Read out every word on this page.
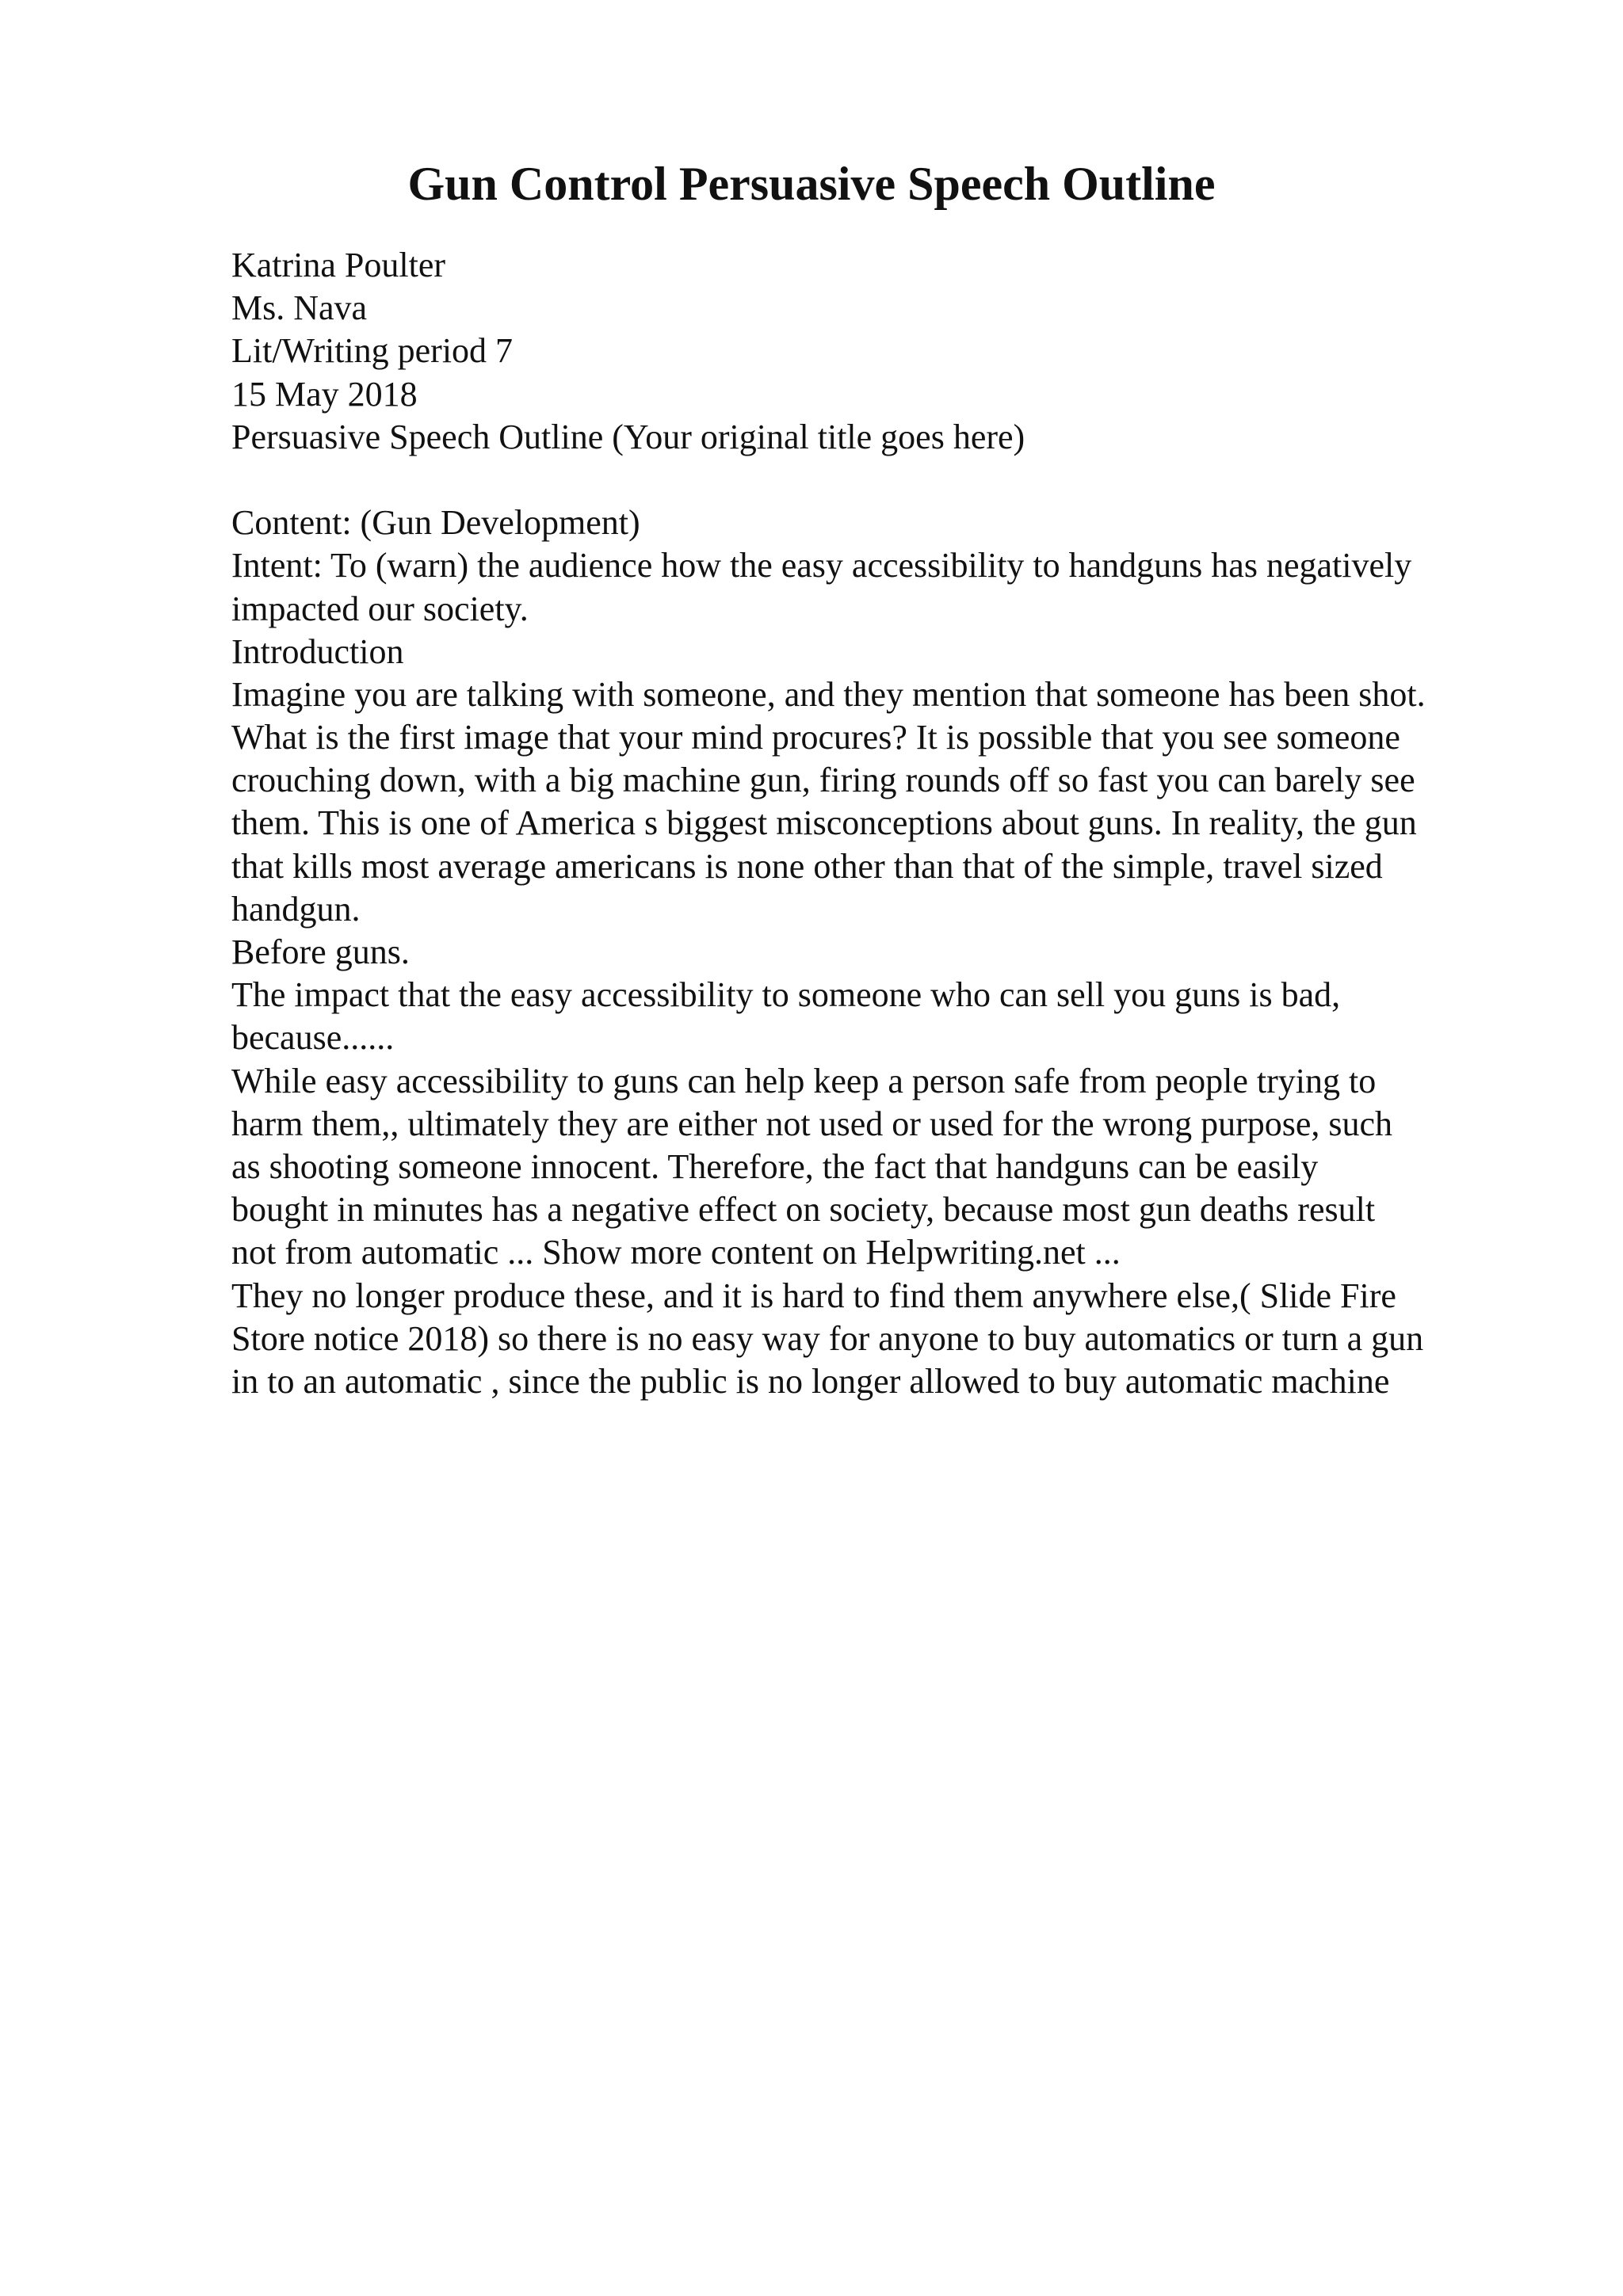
Gun Control Persuasive Speech Outline
Katrina Poulter
Ms. Nava
Lit/Writing period 7
15 May 2018
Persuasive Speech Outline (Your original title goes here)
Content: (Gun Development)
Intent: To (warn) the audience how the easy accessibility to handguns has negatively
impacted our society.
Introduction
Imagine you are talking with someone, and they mention that someone has been shot.
What is the first image that your mind procures? It is possible that you see someone
crouching down, with a big machine gun, firing rounds off so fast you can barely see
them. This is one of America s biggest misconceptions about guns. In reality, the gun
that kills most average americans is none other than that of the simple, travel sized
handgun.
Before guns.
The impact that the easy accessibility to someone who can sell you guns is bad,
because......
While easy accessibility to guns can help keep a person safe from people trying to
harm them,, ultimately they are either not used or used for the wrong purpose, such
as shooting someone innocent. Therefore, the fact that handguns can be easily
bought in minutes has a negative effect on society, because most gun deaths result
not from automatic ... Show more content on Helpwriting.net ...
They no longer produce these, and it is hard to find them anywhere else,( Slide Fire
Store notice 2018) so there is no easy way for anyone to buy automatics or turn a gun
in to an automatic , since the public is no longer allowed to buy automatic machine
